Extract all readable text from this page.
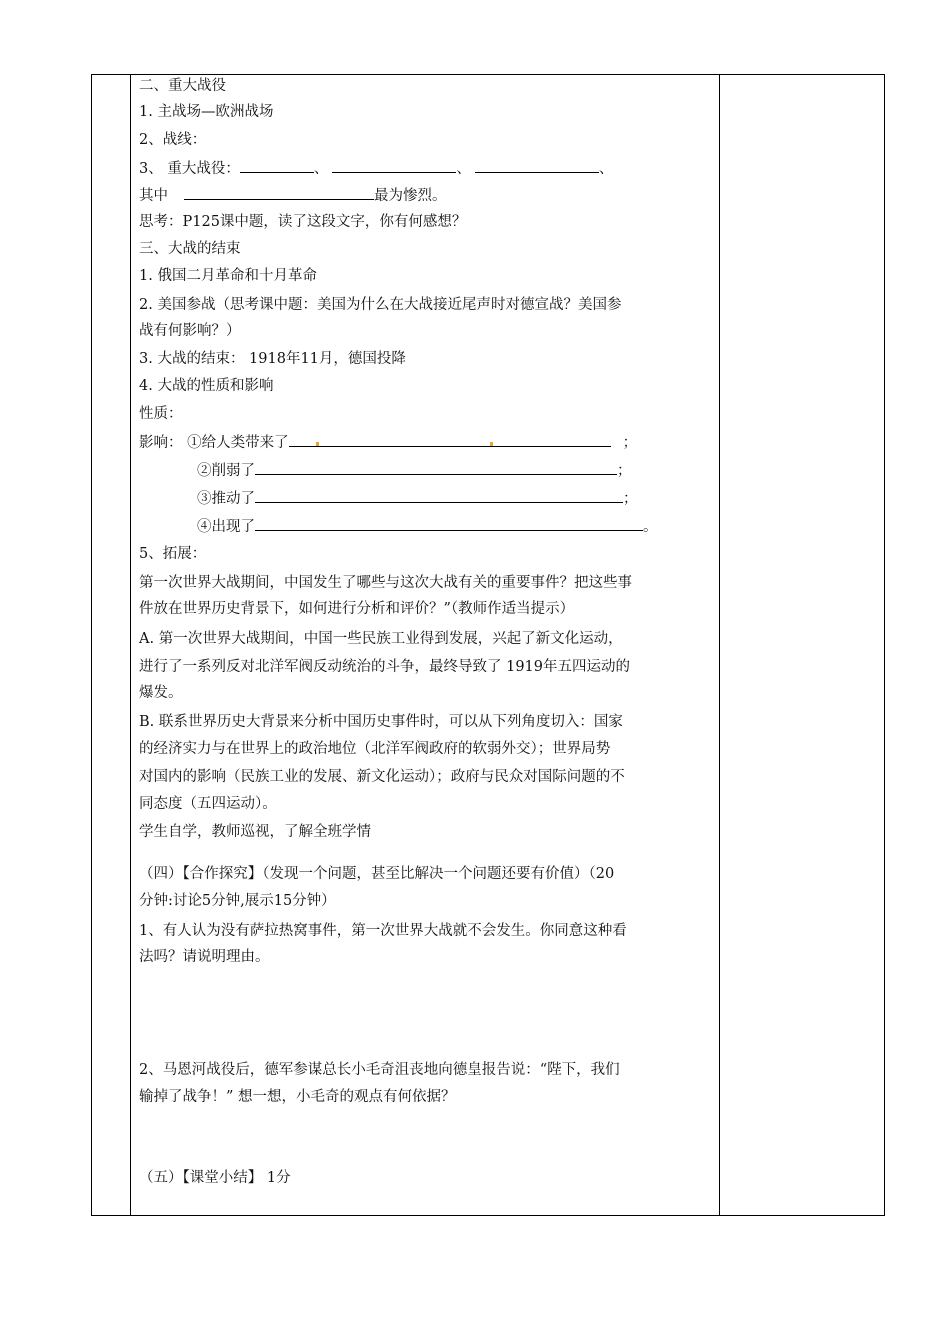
二、重大战役
1. 主战场—欧洲战场
2、战线：
3、 重大战役：	、	、	、
其中	最为惨烈。
思考：P125课中题，读了这段文字，你有何感想？
三、大战的结束
1. 俄国二月革命和十月革命
2. 美国参战（思考课中题：美国为什么在大战接近尾声时对德宣战？美国参
战有何影响？）
3. 大战的结束： 1918年11月，德国投降
4. 大战的性质和影响
性质：
影响： ①给人类带来了	；
②削弱了	；
③推动了	；
④出现了	。
5、拓展：
第一次世界大战期间，中国发生了哪些与这次大战有关的重要事件？把这些事
件放在世界历史背景下，如何进行分析和评价？”（教师作适当提示）
A. 第一次世界大战期间，中国一些民族工业得到发展，兴起了新文化运动，
进行了一系列反对北洋军阀反动统治的斗争，最终导致了 1919年五四运动的
爆发。
B. 联系世界历史大背景来分析中国历史事件时，可以从下列角度切入：国家
的经济实力与在世界上的政治地位（北洋军阀政府的软弱外交）；世界局势
对国内的影响（民族工业的发展、新文化运动）；政府与民众对国际问题的不
同态度（五四运动）。
学生自学，教师巡视，了解全班学情
（四）【合作探究】（发现一个问题，甚至比解决一个问题还要有价值）（20
分钟:讨论5分钟,展示15分钟）
1、有人认为没有萨拉热窝事件，第一次世界大战就不会发生。你同意这种看
法吗？请说明理由。
2、马恩河战役后，德军参谋总长小毛奇沮丧地向德皇报告说：“陛下，我们
输掉了战争！” 想一想，小毛奇的观点有何依据？
（五）【课堂小结】 1分
